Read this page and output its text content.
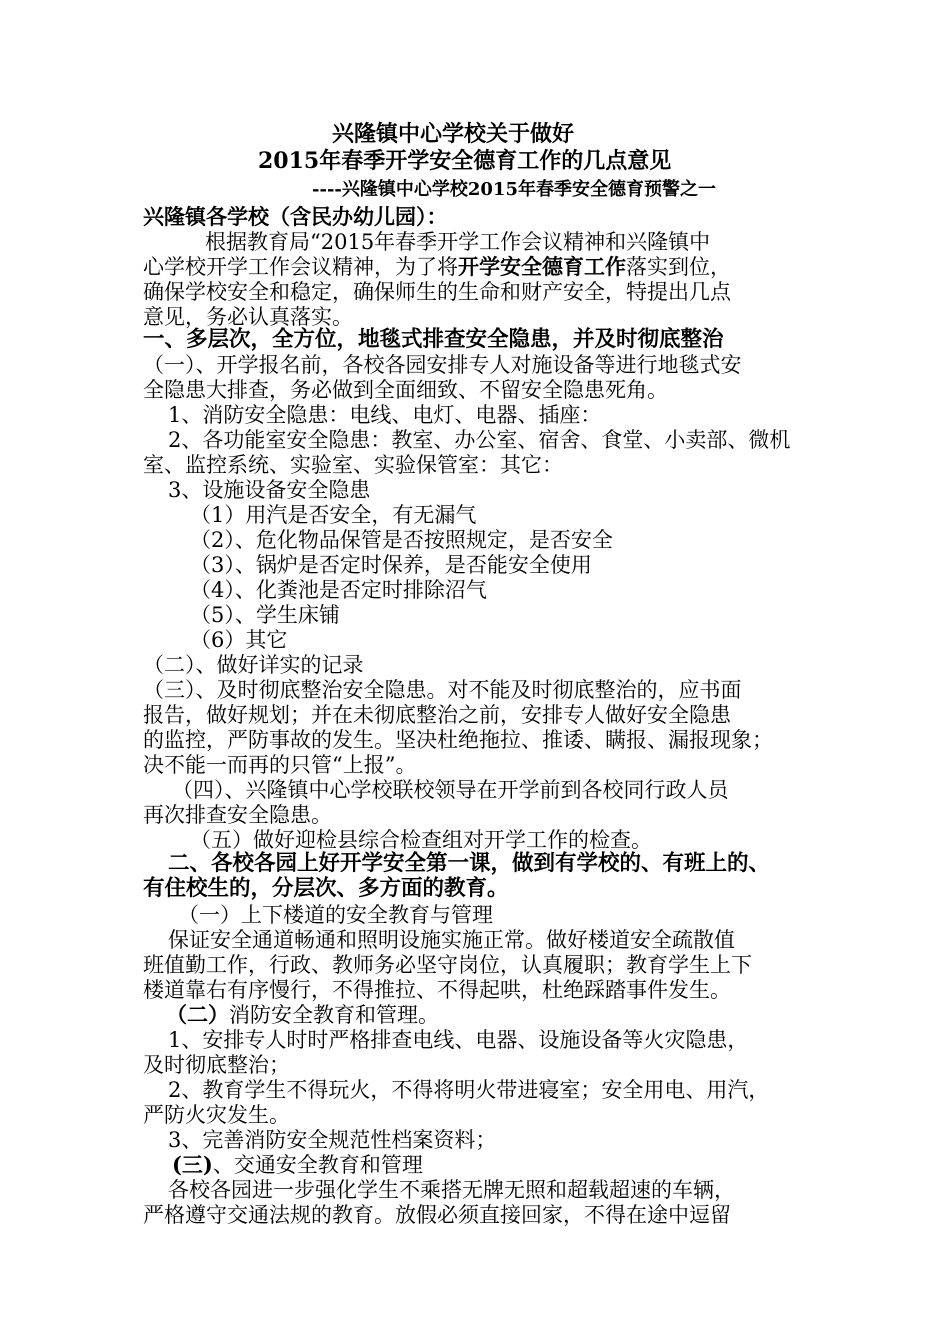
兴隆镇中心学校关于做好
2015年春季开学安全德育工作的几点意见
----兴隆镇中心学校2015年春季安全德育预警之一
兴隆镇各学校（含民办幼儿园）：
根据教育局“2015年春季开学工作会议精神和兴隆镇中
心学校开学工作会议精神，为了将开学安全德育工作落实到位，
确保学校安全和稳定，确保师生的生命和财产安全，特提出几点
意见，务必认真落实。
一、多层次，全方位，地毯式排查安全隐患，并及时彻底整治
（一）、开学报名前，各校各园安排专人对施设备等进行地毯式安
全隐患大排查，务必做到全面细致、不留安全隐患死角。
1、消防安全隐患：电线、电灯、电器、插座：
2、各功能室安全隐患：教室、办公室、宿舍、食堂、小卖部、微机
室、监控系统、实验室、实验保管室：其它：
3、设施设备安全隐患
（1）用汽是否安全，有无漏气
（2）、危化物品保管是否按照规定，是否安全
（3）、锅炉是否定时保养，是否能安全使用
（4）、化粪池是否定时排除沼气
（5）、学生床铺
（6）其它
（二）、做好详实的记录
（三）、及时彻底整治安全隐患。对不能及时彻底整治的，应书面
报告，做好规划；并在未彻底整治之前，安排专人做好安全隐患
的监控，严防事故的发生。坚决杜绝拖拉、推诿、瞒报、漏报现象；
决不能一而再的只管“上报”。
（四）、兴隆镇中心学校联校领导在开学前到各校同行政人员
再次排查安全隐患。
（五）做好迎检县综合检查组对开学工作的检查。
二、各校各园上好开学安全第一课，做到有学校的、有班上的、
有住校生的，分层次、多方面的教育。
（一）上下楼道的安全教育与管理
保证安全通道畅通和照明设施实施正常。做好楼道安全疏散值
班值勤工作，行政、教师务必坚守岗位，认真履职；教育学生上下
楼道靠右有序慢行，不得推拉、不得起哄，杜绝踩踏事件发生。
（二）消防安全教育和管理。
1、安排专人时时严格排查电线、电器、设施设备等火灾隐患，
及时彻底整治；
2、教育学生不得玩火，不得将明火带进寝室；安全用电、用汽，
严防火灾发生。
3、完善消防安全规范性档案资料；
(三)、交通安全教育和管理
各校各园进一步强化学生不乘搭无牌无照和超载超速的车辆，
严格遵守交通法规的教育。放假必须直接回家，不得在途中逗留
